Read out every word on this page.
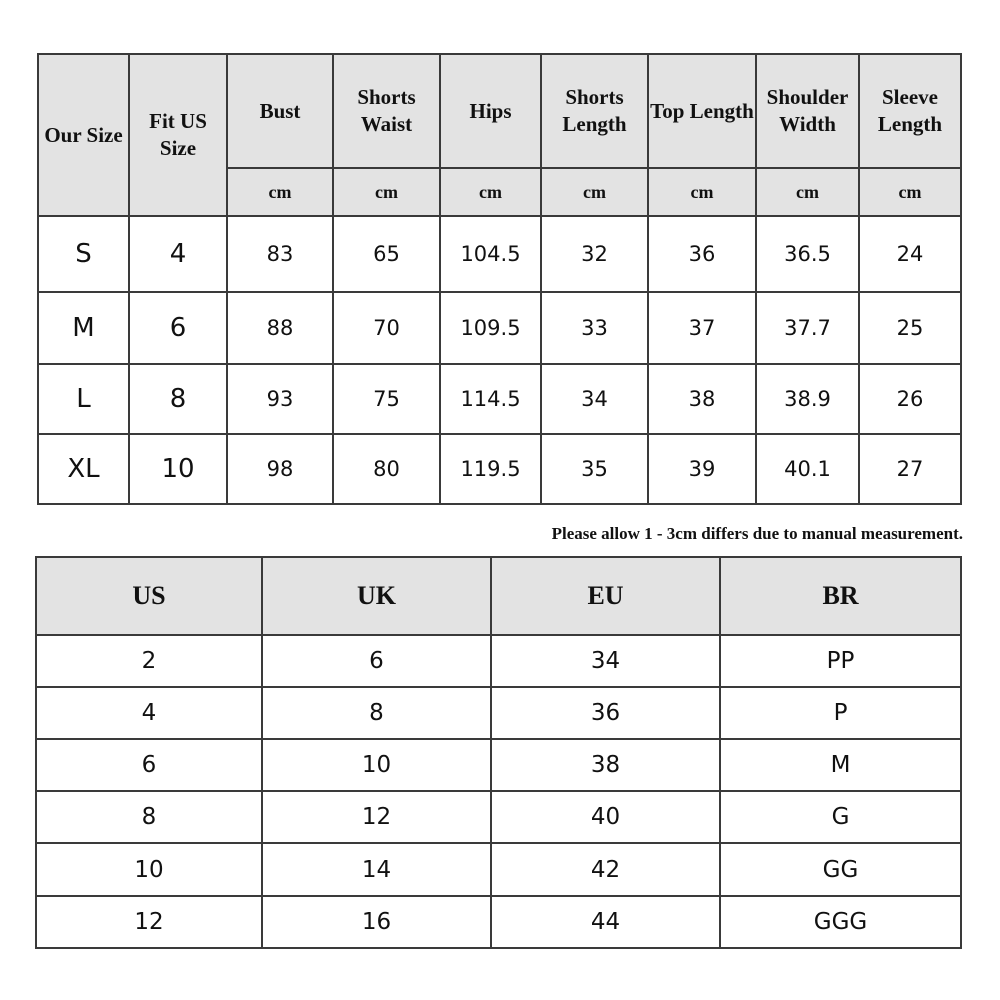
Our Size	Fit US Size	Bust	Shorts Waist	Hips	Shorts Length	Top Length	Shoulder Width	Sleeve Length
		cm	cm	cm	cm	cm	cm	cm
S	4	83	65	104.5	32	36	36.5	24
M	6	88	70	109.5	33	37	37.7	25
L	8	93	75	114.5	34	38	38.9	26
XL	10	98	80	119.5	35	39	40.1	27
Please allow 1 - 3cm differs due to manual measurement.
US	UK	EU	BR
2	6	34	PP
4	8	36	P
6	10	38	M
8	12	40	G
10	14	42	GG
12	16	44	GGG
